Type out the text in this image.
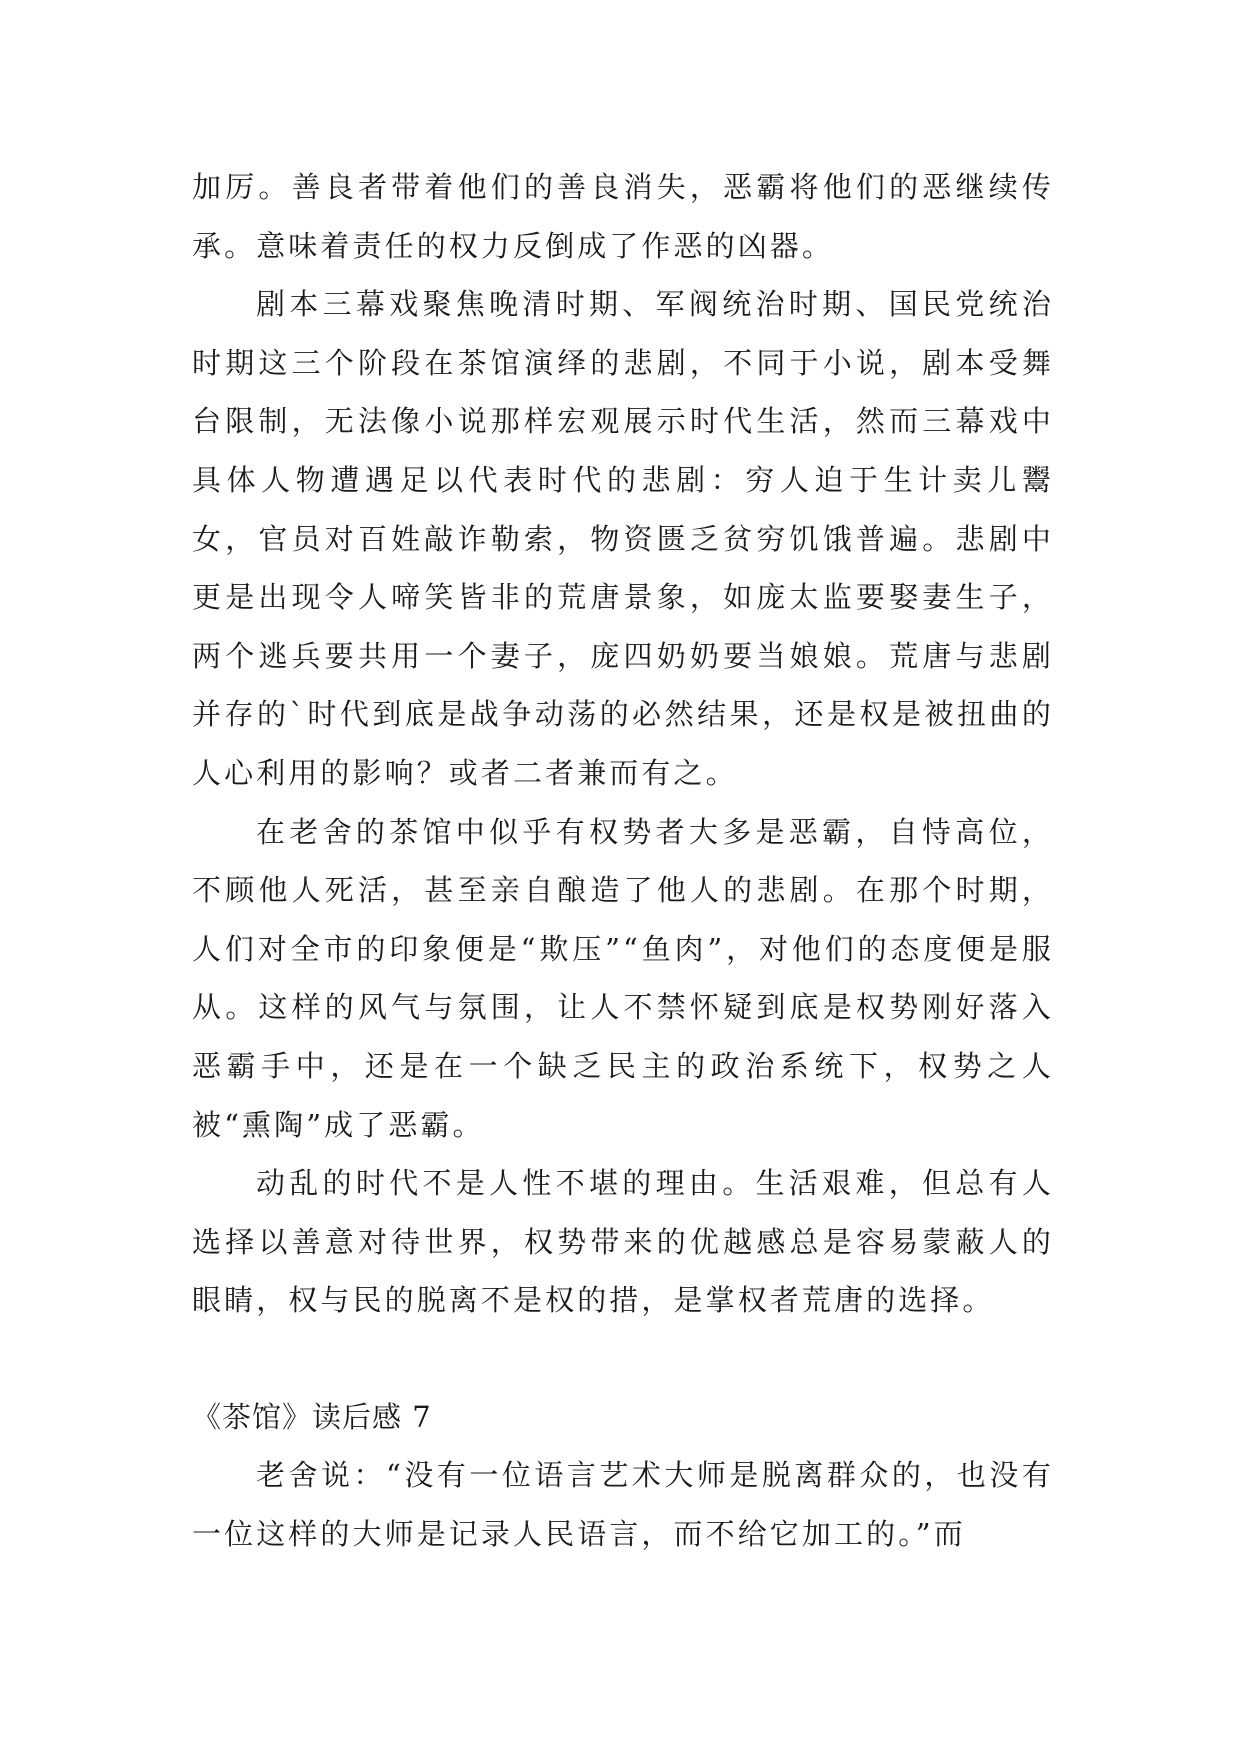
加厉。善良者带着他们的善良消失，恶霸将他们的恶继续传承。意味着责任的权力反倒成了作恶的凶器。

剧本三幕戏聚焦晚清时期、军阀统治时期、国民党统治时期这三个阶段在茶馆演绎的悲剧，不同于小说，剧本受舞台限制，无法像小说那样宏观展示时代生活，然而三幕戏中具体人物遭遇足以代表时代的悲剧：穷人迫于生计卖儿鬻女，官员对百姓敲诈勒索，物资匮乏贫穷饥饿普遍。悲剧中更是出现令人啼笑皆非的荒唐景象，如庞太监要娶妻生子，两个逃兵要共用一个妻子，庞四奶奶要当娘娘。荒唐与悲剧并存的`时代到底是战争动荡的必然结果，还是权是被扭曲的人心利用的影响？或者二者兼而有之。

在老舍的茶馆中似乎有权势者大多是恶霸，自恃高位，不顾他人死活，甚至亲自酿造了他人的悲剧。在那个时期，人们对全市的印象便是“欺压”“鱼肉”，对他们的态度便是服从。这样的风气与氛围，让人不禁怀疑到底是权势刚好落入恶霸手中，还是在一个缺乏民主的政治系统下，权势之人被“熏陶”成了恶霸。

动乱的时代不是人性不堪的理由。生活艰难，但总有人选择以善意对待世界，权势带来的优越感总是容易蒙蔽人的眼睛，权与民的脱离不是权的措，是掌权者荒唐的选择。

《茶馆》读后感 7

老舍说：“没有一位语言艺术大师是脱离群众的，也没有一位这样的大师是记录人民语言，而不给它加工的。”而
